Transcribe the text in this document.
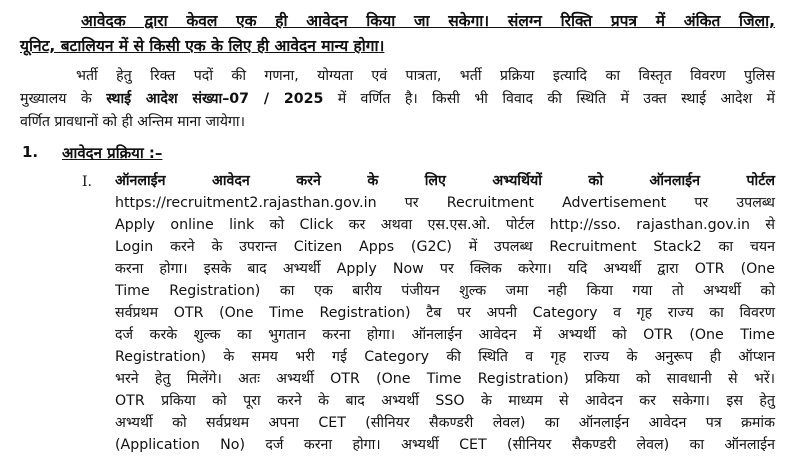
आवेदक द्वारा केवल एक ही आवेदन किया जा सकेगा। संलग्न रिक्ति प्रपत्र में अंकित जिला,
यूनिट, बटालियन में से किसी एक के लिए ही आवेदन मान्य होगा।
भर्ती हेतु रिक्त पदों की गणना, योग्यता एवं पात्रता, भर्ती प्रक्रिया इत्यादि का विस्तृत विवरण पुलिस
मुख्यालय के स्थाई आदेश संख्या–07 / 2025 में वर्णित है। किसी भी विवाद की स्थिति में उक्त स्थाई आदेश में
वर्णित प्रावधानों को ही अन्तिम माना जायेगा।
1. आवेदन प्रक्रिया :–
I. ऑनलाईन आवेदन करने के लिए अभ्यर्थियों को ऑनलाईन पोर्टल
https://recruitment2.rajasthan.gov.in पर Recruitment Advertisement पर उपलब्ध
Apply online link को Click कर अथवा एस.एस.ओ. पोर्टल http://sso. rajasthan.gov.in से
Login करने के उपरान्त Citizen Apps (G2C) में उपलब्ध Recruitment Stack2 का चयन
करना होगा। इसके बाद अभ्यर्थी Apply Now पर क्लिक करेगा। यदि अभ्यर्थी द्वारा OTR (One
Time Registration) का एक बारीय पंजीयन शुल्क जमा नही किया गया तो अभ्यर्थी को
सर्वप्रथम OTR (One Time Registration) टैब पर अपनी Category व गृह राज्य का विवरण
दर्ज करके शुल्क का भुगतान करना होगा। ऑनलाईन आवेदन में अभ्यर्थी को OTR (One Time
Registration) के समय भरी गई Category की स्थिति व गृह राज्य के अनुरूप ही ऑप्शन
भरने हेतु मिलेंगे। अतः अभ्यर्थी OTR (One Time Registration) प्रकिया को सावधानी से भरें।
OTR प्रकिया को पूरा करने के बाद अभ्यर्थी SSO के माध्यम से आवेदन कर सकेगा। इस हेतु
अभ्यर्थी को सर्वप्रथम अपना CET (सीनियर सैकण्डरी लेवल) का ऑनलाईन आवेदन पत्र क्रमांक
(Application No) दर्ज करना होगा। अभ्यर्थी CET (सीनियर सैकण्डरी लेवल) का ऑनलाईन
